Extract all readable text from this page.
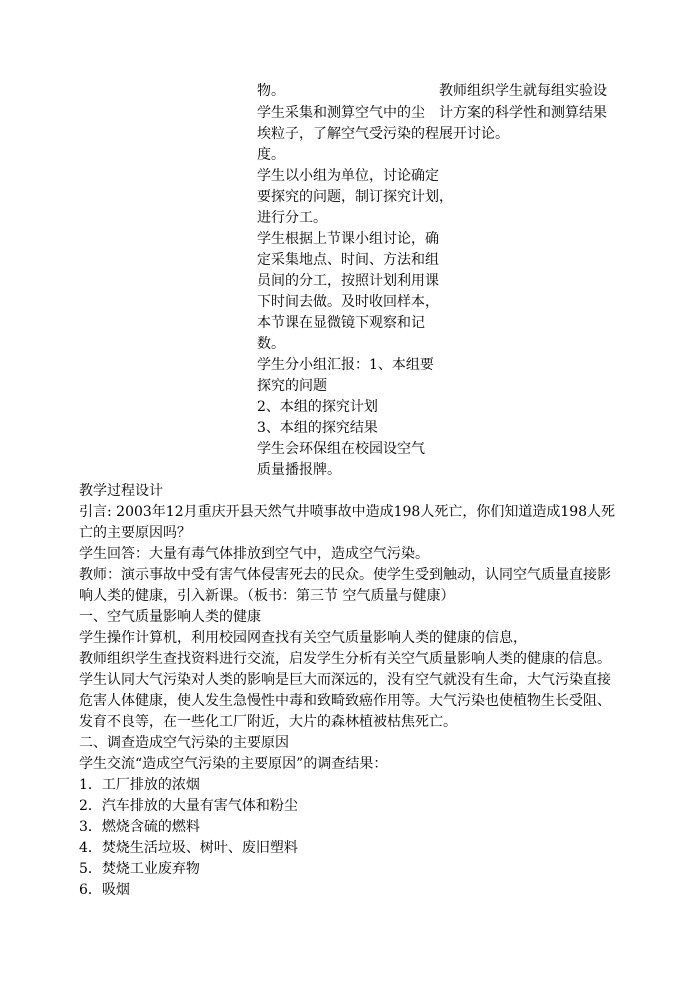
物。
学生采集和测算空气中的尘
埃粒子，了解空气受污染的程
度。
学生以小组为单位，讨论确定
要探究的问题，制订探究计划，
进行分工。
学生根据上节课小组讨论，确
定采集地点、时间、方法和组
员间的分工，按照计划利用课
下时间去做。及时收回样本，
本节课在显微镜下观察和记
数。
学生分小组汇报：1、本组要
探究的问题
2、本组的探究计划
3、本组的探究结果
学生会环保组在校园设空气
质量播报牌。
教师组织学生就每组实验设
计方案的科学性和测算结果
展开讨论。
教学过程设计
引言: 2003年12月重庆开县天然气井喷事故中造成198人死亡，你们知道造成198人死
亡的主要原因吗？
学生回答：大量有毒气体排放到空气中，造成空气污染。
教师：演示事故中受有害气体侵害死去的民众。使学生受到触动，认同空气质量直接影
响人类的健康，引入新课。（板书：第三节 空气质量与健康）
一、空气质量影响人类的健康
学生操作计算机，利用校园网查找有关空气质量影响人类的健康的信息，
教师组织学生查找资料进行交流，启发学生分析有关空气质量影响人类的健康的信息。
学生认同大气污染对人类的影响是巨大而深远的，没有空气就没有生命，大气污染直接
危害人体健康，使人发生急慢性中毒和致畸致癌作用等。大气污染也使植物生长受阻、
发育不良等，在一些化工厂附近，大片的森林植被枯焦死亡。
二、调查造成空气污染的主要原因
学生交流“造成空气污染的主要原因”的调查结果：
1．工厂排放的浓烟
2．汽车排放的大量有害气体和粉尘
3．燃烧含硫的燃料
4．焚烧生活垃圾、树叶、废旧塑料
5．焚烧工业废弃物
6．吸烟
